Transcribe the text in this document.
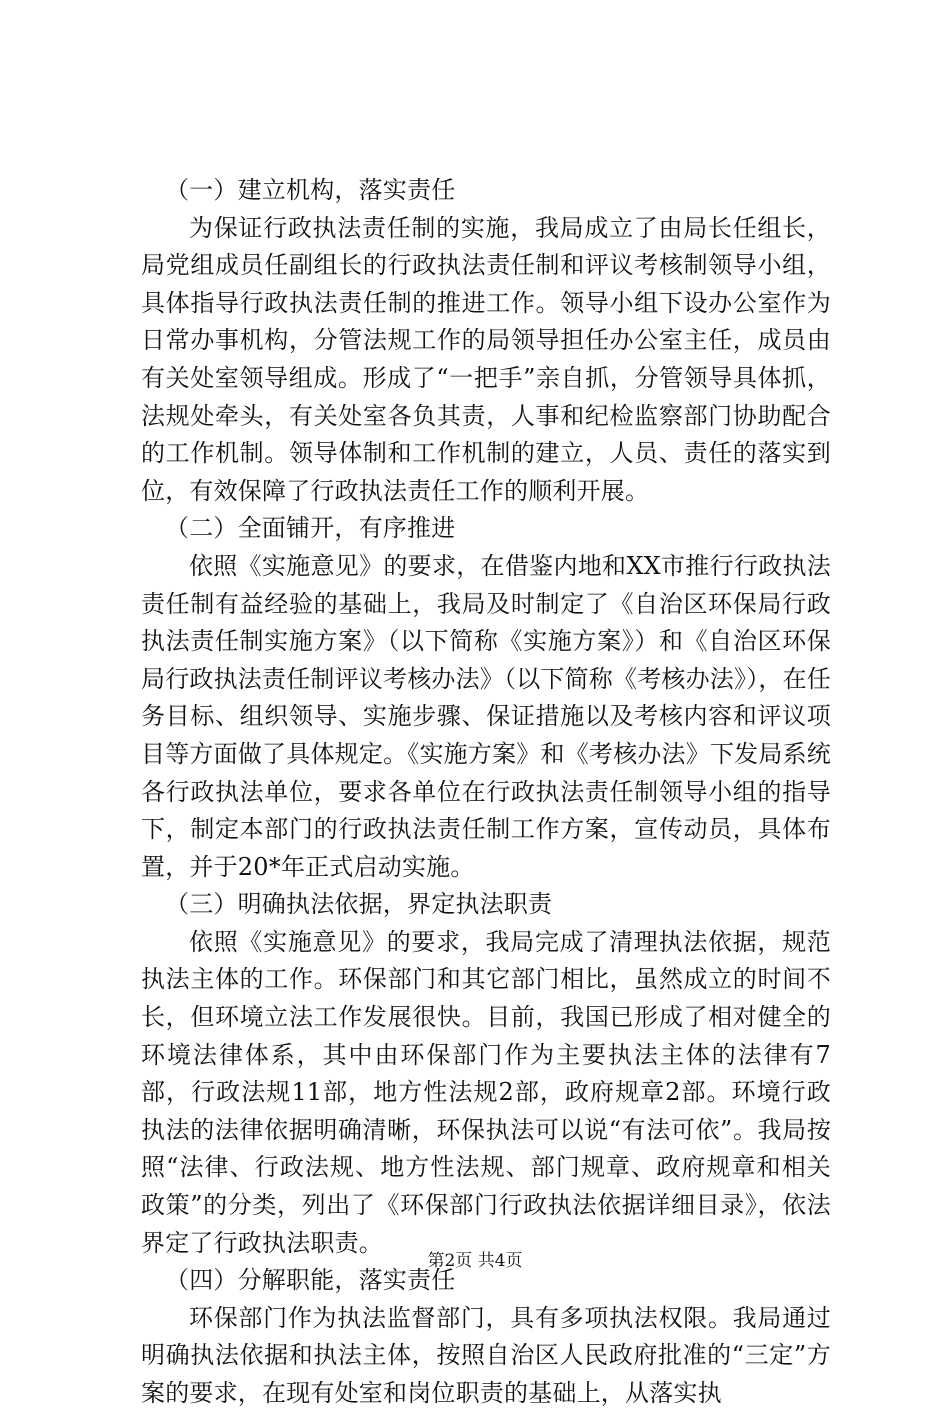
（一）建立机构，落实责任

为保证行政执法责任制的实施，我局成立了由局长任组长，局党组成员任副组长的行政执法责任制和评议考核制领导小组，具体指导行政执法责任制的推进工作。领导小组下设办公室作为日常办事机构，分管法规工作的局领导担任办公室主任，成员由有关处室领导组成。形成了“一把手”亲自抓，分管领导具体抓，法规处牵头，有关处室各负其责，人事和纪检监察部门协助配合的工作机制。领导体制和工作机制的建立，人员、责任的落实到位，有效保障了行政执法责任工作的顺利开展。

（二）全面铺开，有序推进

依照《实施意见》的要求，在借鉴内地和XX市推行行政执法责任制有益经验的基础上，我局及时制定了《自治区环保局行政执法责任制实施方案》（以下简称《实施方案》）和《自治区环保局行政执法责任制评议考核办法》（以下简称《考核办法》），在任务目标、组织领导、实施步骤、保证措施以及考核内容和评议项目等方面做了具体规定。《实施方案》和《考核办法》下发局系统各行政执法单位，要求各单位在行政执法责任制领导小组的指导下，制定本部门的行政执法责任制工作方案，宣传动员，具体布置，并于20*年正式启动实施。

（三）明确执法依据，界定执法职责

依照《实施意见》的要求，我局完成了清理执法依据，规范执法主体的工作。环保部门和其它部门相比，虽然成立的时间不长，但环境立法工作发展很快。目前，我国已形成了相对健全的环境法律体系，其中由环保部门作为主要执法主体的法律有7部，行政法规11部，地方性法规2部，政府规章2部。环境行政执法的法律依据明确清晰，环保执法可以说“有法可依”。我局按照“法律、行政法规、地方性法规、部门规章、政府规章和相关政策”的分类，列出了《环保部门行政执法依据详细目录》，依法界定了行政执法职责。

（四）分解职能，落实责任

环保部门作为执法监督部门，具有多项执法权限。我局通过明确执法依据和执法主体，按照自治区人民政府批准的“三定”方案的要求，在现有处室和岗位职责的基础上，从落实执

第2页 共4页
